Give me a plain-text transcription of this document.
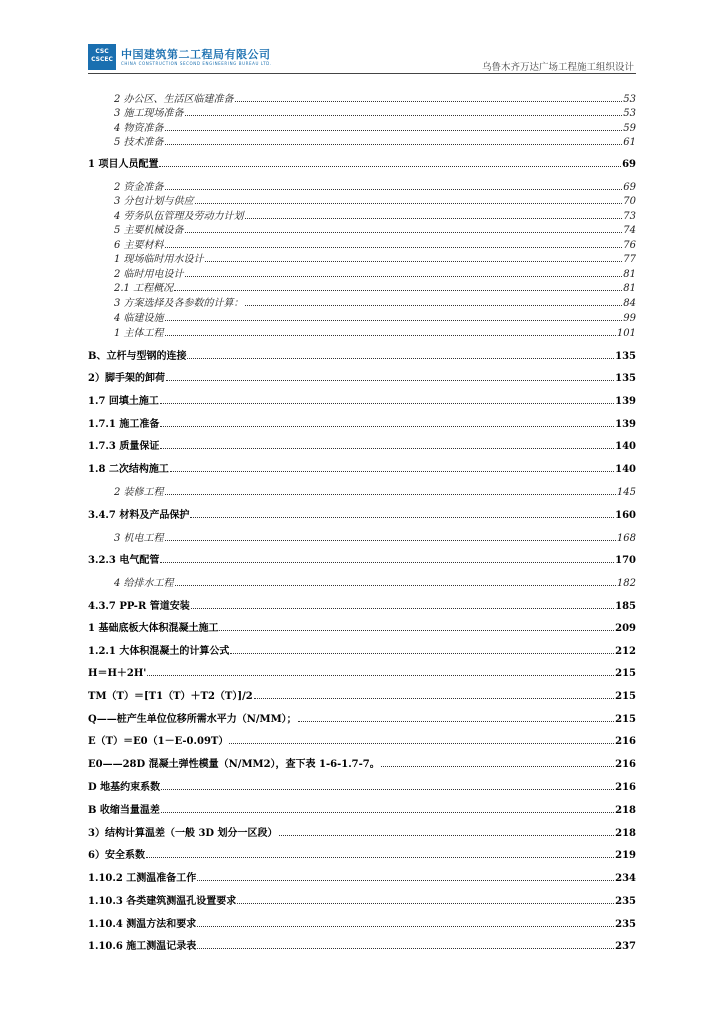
CSC
CSCEC 中国建筑第二工程局有限公司
CHINA CONSTRUCTION SECOND ENGINEERING BUREAU LTD.	乌鲁木齐万达广场工程施工组织设计
2 办公区、生活区临建准备	53
3 施工现场准备	53
4 物资准备	59
5 技术准备	61
1 项目人员配置	69
2 资金准备	69
3 分包计划与供应	70
4 劳务队伍管理及劳动力计划	73
5 主要机械设备	74
6 主要材料	76
1 现场临时用水设计	77
2 临时用电设计	81
2.1 工程概况	81
3 方案选择及各参数的计算：	84
4 临建设施	99
1 主体工程	101
B、立杆与型钢的连接	135
2）脚手架的卸荷	135
1.7 回填土施工	139
1.7.1 施工准备	139
1.7.3 质量保证	140
1.8 二次结构施工	140
2 装修工程	145
3.4.7 材料及产品保护	160
3 机电工程	168
3.2.3 电气配管	170
4 给排水工程	182
4.3.7 PP-R 管道安装	185
1 基础底板大体积混凝土施工	209
1.2.1 大体积混凝土的计算公式	212
H＝H＋2H'	215
TM（T）＝[T1（T）＋T2（T）]/2	215
Q——桩产生单位位移所需水平力（N/MM）；	215
E（T）＝E0（1－E-0.09T）	216
E0——28D 混凝土弹性模量（N/MM2），查下表 1-6-1.7-7。	216
D 地基约束系数	216
B 收缩当量温差	218
3）结构计算温差（一般 3D 划分一区段）	218
6）安全系数	219
1.10.2 工测温准备工作	234
1.10.3 各类建筑测温孔设置要求	235
1.10.4 测温方法和要求	235
1.10.6 施工测温记录表	237
